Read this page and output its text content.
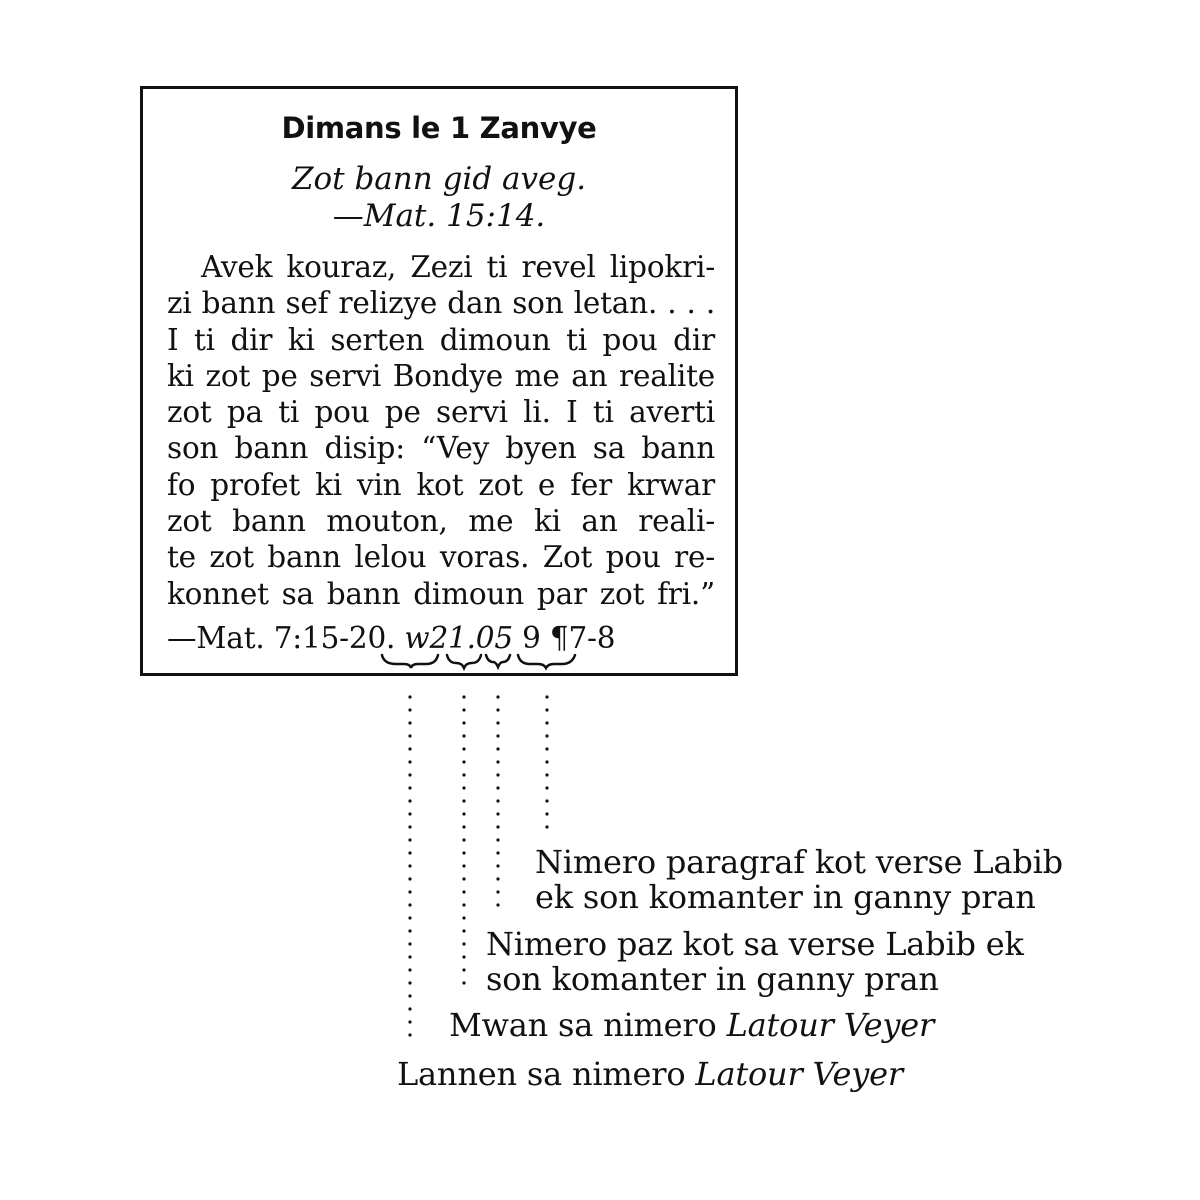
Dimans le 1 Zanvye
Zot bann gid aveg.
—Mat. 15:14.
Avek kouraz, Zezi ti revel lipokri-
zi bann sef relizye dan son letan. . . .
I ti dir ki serten dimoun ti pou dir
ki zot pe servi Bondye me an realite
zot pa ti pou pe servi li. I ti averti
son bann disip: “Vey byen sa bann
fo profet ki vin kot zot e fer krwar
zot bann mouton, me ki an reali-
te zot bann lelou voras. Zot pou re-
konnet sa bann dimoun par zot fri.”
—Mat. 7:15-20. w21.05 9 ¶7-8
Nimero paragraf kot verse Labib
ek son komanter in ganny pran
Nimero paz kot sa verse Labib ek
son komanter in ganny pran
Mwan sa nimero Latour Veyer
Lannen sa nimero Latour Veyer
